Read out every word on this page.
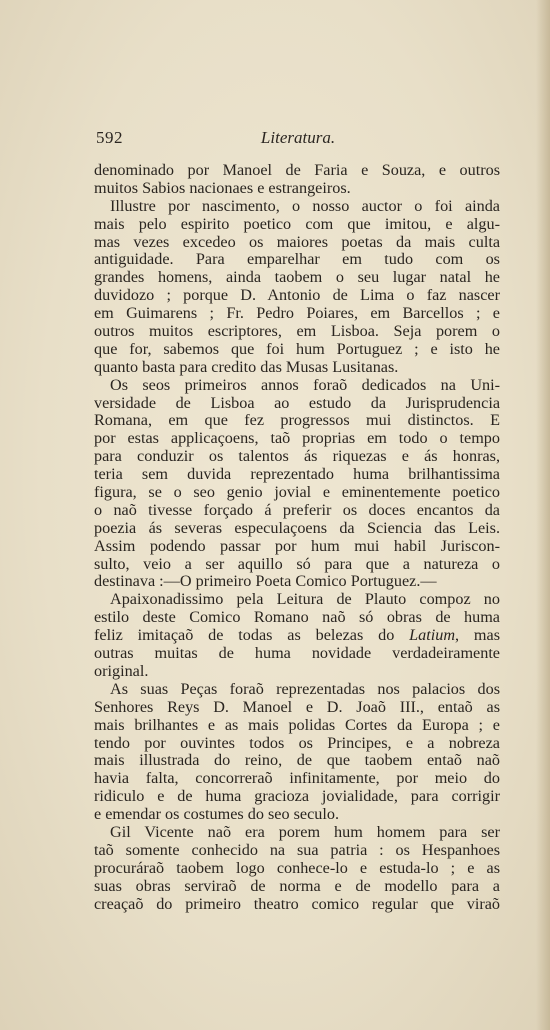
592	Literatura.
denominado por Manoel de Faria e Souza, e outros
muitos Sabios nacionaes e estrangeiros.
Illustre por nascimento, o nosso auctor o foi ainda
mais pelo espirito poetico com que imitou, e algu-
mas vezes excedeo os maiores poetas da mais culta
antiguidade. Para emparelhar em tudo com os
grandes homens, ainda taobem o seu lugar natal he
duvidozo ; porque D. Antonio de Lima o faz nascer
em Guimarens ; Fr. Pedro Poiares, em Barcellos ; e
outros muitos escriptores, em Lisboa. Seja porem o
que for, sabemos que foi hum Portuguez ; e isto he
quanto basta para credito das Musas Lusitanas.
Os seos primeiros annos foraõ dedicados na Uni-
versidade de Lisboa ao estudo da Jurisprudencia
Romana, em que fez progressos mui distinctos. E
por estas applicaçoens, taõ proprias em todo o tempo
para conduzir os talentos ás riquezas e ás honras,
teria sem duvida reprezentado huma brilhantissima
figura, se o seo genio jovial e eminentemente poetico
o naõ tivesse forçado á preferir os doces encantos da
poezia ás severas especulaçoens da Sciencia das Leis.
Assim podendo passar por hum mui habil Juriscon-
sulto, veio a ser aquillo só para que a natureza o
destinava :—O primeiro Poeta Comico Portuguez.—
Apaixonadissimo pela Leitura de Plauto compoz no
estilo deste Comico Romano naõ só obras de huma
feliz imitaçaõ de todas as belezas do Latium, mas
outras muitas de huma novidade verdadeiramente
original.
As suas Peças foraõ reprezentadas nos palacios dos
Senhores Reys D. Manoel e D. Joaõ III., entaõ as
mais brilhantes e as mais polidas Cortes da Europa ; e
tendo por ouvintes todos os Principes, e a nobreza
mais illustrada do reino, de que taobem entaõ naõ
havia falta, concorreraõ infinitamente, por meio do
ridiculo e de huma gracioza jovialidade, para corrigir
e emendar os costumes do seo seculo.
Gil Vicente naõ era porem hum homem para ser
taõ somente conhecido na sua patria : os Hespanhoes
procuráraõ taobem logo conhece-lo e estuda-lo ; e as
suas obras serviraõ de norma e de modello para a
creaçaõ do primeiro theatro comico regular que viraõ
